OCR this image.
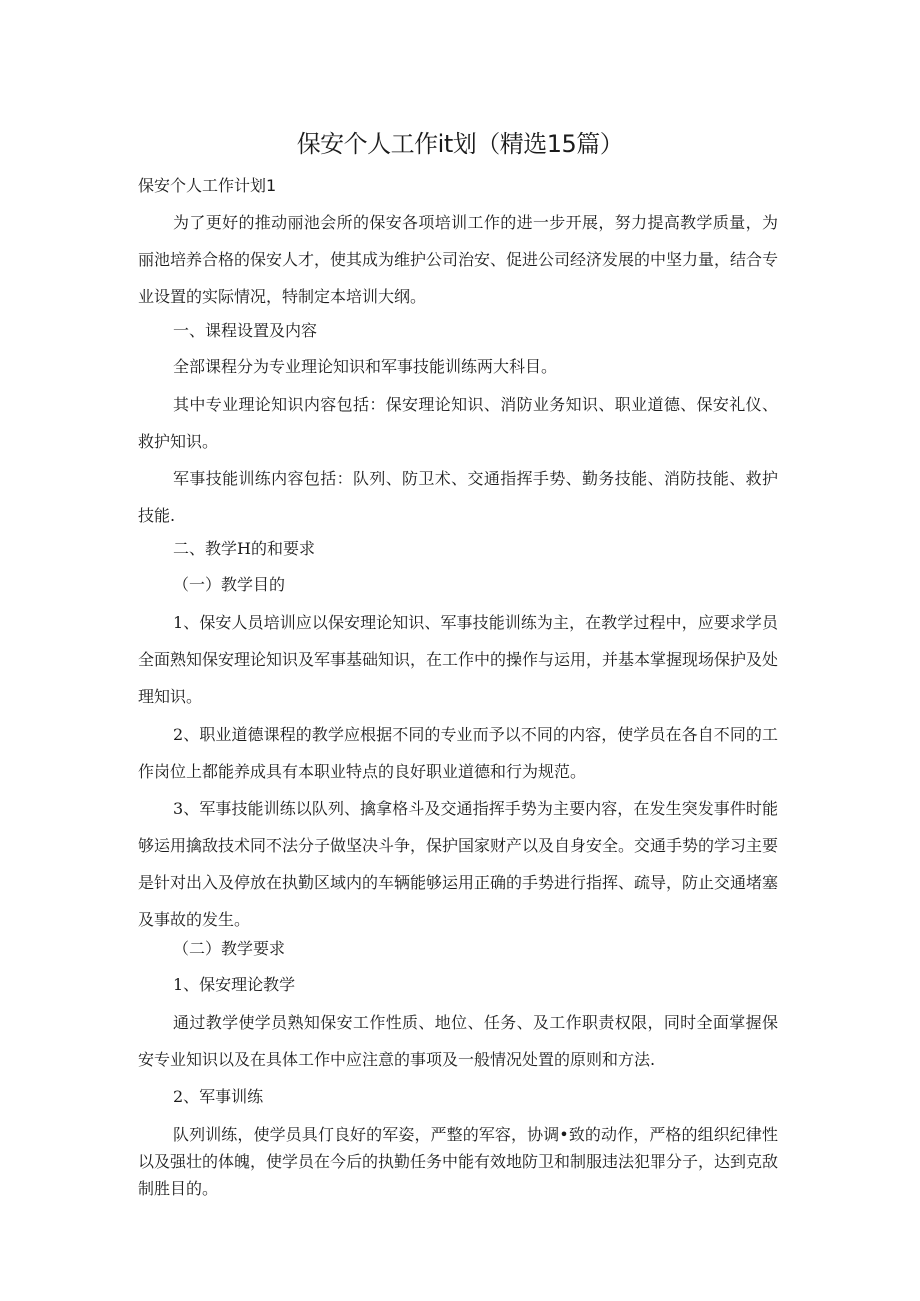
保安个人工作it划（精选15篇）
保安个人工作计划1
为了更好的推动丽池会所的保安各项培训工作的进一步开展，努力提高教学质量，为丽池培养合格的保安人才，使其成为维护公司治安、促进公司经济发展的中坚力量，结合专业设置的实际情况，特制定本培训大纲。
一、课程设置及内容
全部课程分为专业理论知识和军事技能训练两大科目。
其中专业理论知识内容包括：保安理论知识、消防业务知识、职业道德、保安礼仪、救护知识。
军事技能训练内容包括：队列、防卫术、交通指挥手势、勤务技能、消防技能、救护技能.
二、教学H的和要求
（一）教学目的
1、保安人员培训应以保安理论知识、军事技能训练为主，在教学过程中，应要求学员全面熟知保安理论知识及军事基础知识，在工作中的操作与运用，并基本掌握现场保护及处理知识。
2、职业道德课程的教学应根据不同的专业而予以不同的内容，使学员在各自不同的工作岗位上都能养成具有本职业特点的良好职业道德和行为规范。
3、军事技能训练以队列、擒拿格斗及交通指挥手势为主要内容，在发生突发事件时能够运用擒敌技术同不法分子做坚决斗争，保护国家财产以及自身安全。交通手势的学习主要是针对出入及停放在执勤区域内的车辆能够运用正确的手势进行指挥、疏导，防止交通堵塞及事故的发生。
（二）教学要求
1、保安理论教学
通过教学使学员熟知保安工作性质、地位、任务、及工作职责权限，同时全面掌握保安专业知识以及在具体工作中应注意的事项及一般情况处置的原则和方法.
2、军事训练
队列训练，使学员具仃良好的军姿，严整的军容，协调•致的动作，严格的组织纪律性以及强壮的体魄，使学员在今后的执勤任务中能有效地防卫和制服违法犯罪分子，达到克敌制胜目的。
